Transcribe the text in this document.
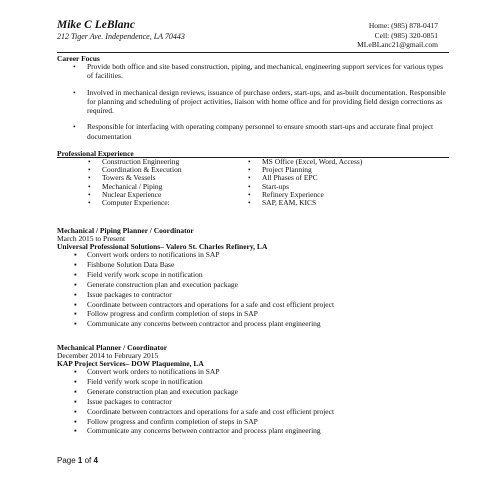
Mike C LeBlanc
212 Tiger Ave. Independence, LA 70443
Home: (985) 878-0417
Cell: (985) 320-0851
MLeBLanc21@gmail.com
Career Focus
• Provide both office and site based construction, piping, and mechanical, engineering support services for various types of facilities.
• Involved in mechanical design reviews, issuance of purchase orders, start-ups, and as-built documentation. Responsible for planning and scheduling of project activities, liaison with home office and for providing field design corrections as required.
• Responsible for interfacing with operating company personnel to ensure smooth start-ups and accurate final project documentation
Professional Experience
• Construction Engineering
• Coordination & Execution
• Towers & Vessels
• Mechanical / Piping
• Nuclear Experience
• Computer Experience:
• MS Office (Excel, Word, Access)
• Project Planning
• All Phases of EPC
• Start-ups
• Refinery Experience
• SAP, EAM, KICS
Mechanical / Piping Planner / Coordinator
March 2015 to Present
Universal Professional Solutions– Valero St. Charles Refinery, LA
▪ Convert work orders to notifications in SAP
▪ Fishbone Solution Data Base
▪ Field verify work scope in notification
▪ Generate construction plan and execution package
▪ Issue packages to contractor
▪ Coordinate between contractors and operations for a safe and cost efficient project
▪ Follow progress and confirm completion of steps in SAP
▪ Communicate any concerns between contractor and process plant engineering
Mechanical Planner / Coordinator
December 2014 to February 2015
KAP Project Services– DOW Plaquemine, LA
▪ Convert work orders to notifications in SAP
▪ Field verify work scope in notification
▪ Generate construction plan and execution package
▪ Issue packages to contractor
▪ Coordinate between contractors and operations for a safe and cost efficient project
▪ Follow progress and confirm completion of steps in SAP
▪ Communicate any concerns between contractor and process plant engineering
Page 1 of 4
